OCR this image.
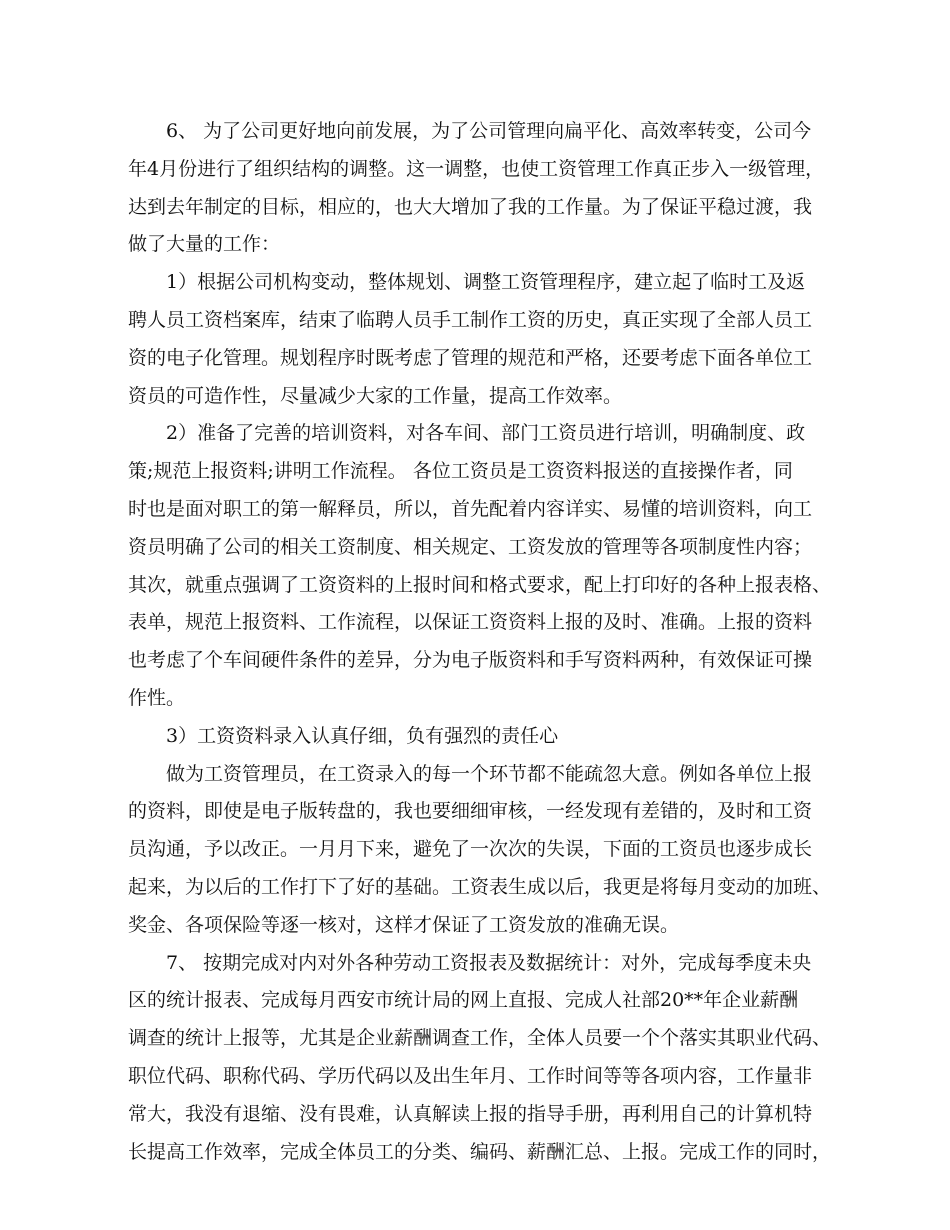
　　6、 为了公司更好地向前发展，为了公司管理向扁平化、高效率转变，公司今
年4月份进行了组织结构的调整。这一调整，也使工资管理工作真正步入一级管理，
达到去年制定的目标，相应的，也大大增加了我的工作量。为了保证平稳过渡，我
做了大量的工作：
　　1）根据公司机构变动，整体规划、调整工资管理程序，建立起了临时工及返
聘人员工资档案库，结束了临聘人员手工制作工资的历史，真正实现了全部人员工
资的电子化管理。规划程序时既考虑了管理的规范和严格，还要考虑下面各单位工
资员的可造作性，尽量减少大家的工作量，提高工作效率。
　　2）准备了完善的培训资料，对各车间、部门工资员进行培训，明确制度、政
策;规范上报资料;讲明工作流程。 各位工资员是工资资料报送的直接操作者，同
时也是面对职工的第一解释员，所以，首先配着内容详实、易懂的培训资料，向工
资员明确了公司的相关工资制度、相关规定、工资发放的管理等各项制度性内容；
其次，就重点强调了工资资料的上报时间和格式要求，配上打印好的各种上报表格、
表单，规范上报资料、工作流程，以保证工资资料上报的及时、准确。上报的资料
也考虑了个车间硬件条件的差异，分为电子版资料和手写资料两种，有效保证可操
作性。
　　3）工资资料录入认真仔细，负有强烈的责任心
　　做为工资管理员，在工资录入的每一个环节都不能疏忽大意。例如各单位上报
的资料，即使是电子版转盘的，我也要细细审核，一经发现有差错的，及时和工资
员沟通，予以改正。一月月下来，避免了一次次的失误，下面的工资员也逐步成长
起来，为以后的工作打下了好的基础。工资表生成以后，我更是将每月变动的加班、
奖金、各项保险等逐一核对，这样才保证了工资发放的准确无误。
　　7、 按期完成对内对外各种劳动工资报表及数据统计：对外，完成每季度未央
区的统计报表、完成每月西安市统计局的网上直报、完成人社部20**年企业薪酬
调查的统计上报等，尤其是企业薪酬调查工作，全体人员要一个个落实其职业代码、
职位代码、职称代码、学历代码以及出生年月、工作时间等等各项内容，工作量非
常大，我没有退缩、没有畏难，认真解读上报的指导手册，再利用自己的计算机特
长提高工作效率，完成全体员工的分类、编码、薪酬汇总、上报。完成工作的同时，
